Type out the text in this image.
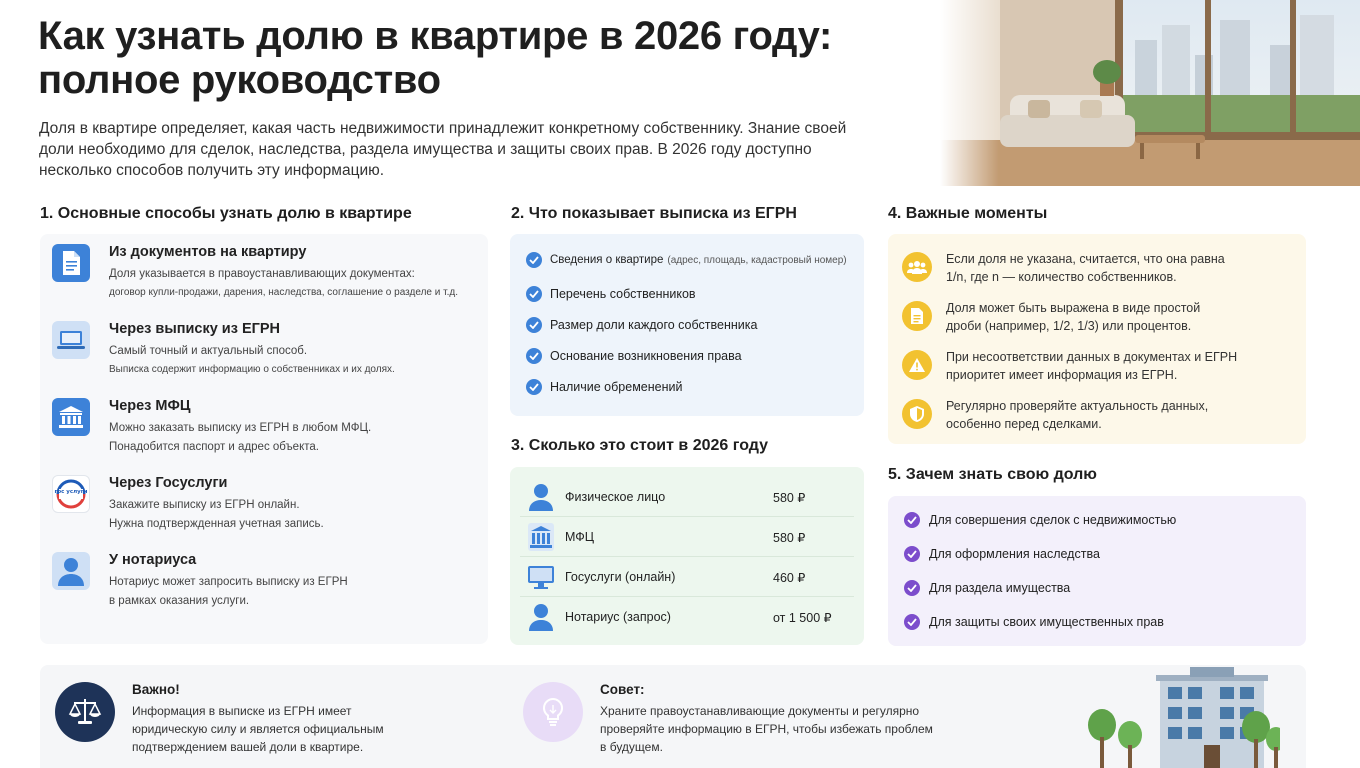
Как узнать долю в квартире в 2026 году:
полное руководство
Доля в квартире определяет, какая часть недвижимости принадлежит конкретному собственнику. Знание своей
доли необходимо для сделок, наследства, раздела имущества и защиты своих прав. В 2026 году доступно
несколько способов получить эту информацию.
1. Основные способы узнать долю в квартире
Из документов на квартиру
Доля указывается в правоустанавливающих документах:
договор купли-продажи, дарения, наследства, соглашение о разделе и т.д.
Через выписку из ЕГРН
Самый точный и актуальный способ.
Выписка содержит информацию о собственниках и их долях.
Через МФЦ
Можно заказать выписку из ЕГРН в любом МФЦ.
Понадобится паспорт и адрес объекта.
гос услуги
Через Госуслуги
Закажите выписку из ЕГРН онлайн.
Нужна подтвержденная учетная запись.
У нотариуса
Нотариус может запросить выписку из ЕГРН
в рамках оказания услуги.
2. Что показывает выписка из ЕГРН
Сведения о квартире (адрес, площадь, кадастровый номер)
Перечень собственников
Размер доли каждого собственника
Основание возникновения права
Наличие обременений
3. Сколько это стоит в 2026 году
Физическое лицо	580 ₽
МФЦ	580 ₽
Госуслуги (онлайн)	460 ₽
Нотариус (запрос)	от 1 500 ₽
4. Важные моменты
Если доля не указана, считается, что она равна
1/n, где n — количество собственников.
Доля может быть выражена в виде простой
дроби (например, 1/2, 1/3) или процентов.
При несоответствии данных в документах и ЕГРН
приоритет имеет информация из ЕГРН.
Регулярно проверяйте актуальность данных,
особенно перед сделками.
5. Зачем знать свою долю
Для совершения сделок с недвижимостью
Для оформления наследства
Для раздела имущества
Для защиты своих имущественных прав
Важно!
Информация в выписке из ЕГРН имеет
юридическую силу и является официальным
подтверждением вашей доли в квартире.
Совет:
Храните правоустанавливающие документы и регулярно
проверяйте информацию в ЕГРН, чтобы избежать проблем
в будущем.
